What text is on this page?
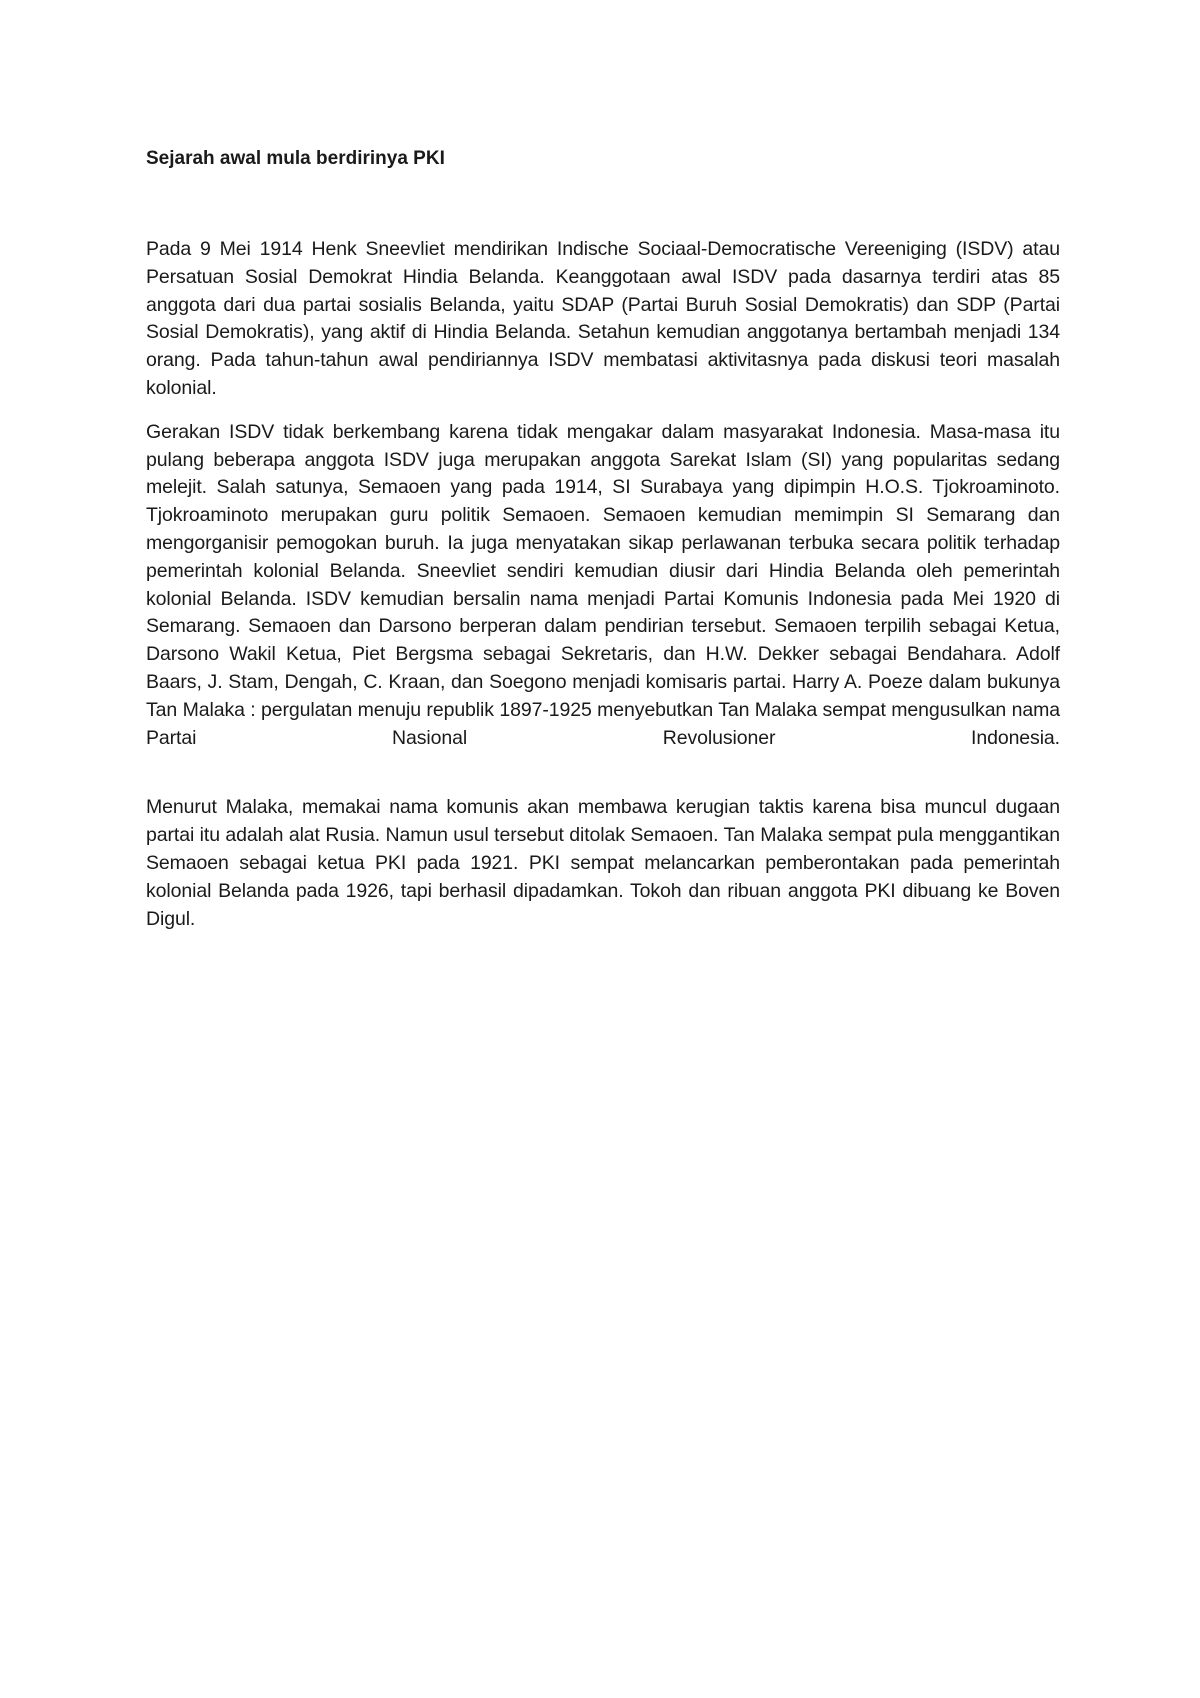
Sejarah awal mula berdirinya PKI

Pada 9 Mei 1914 Henk Sneevliet mendirikan Indische Sociaal-Democratische Vereeniging (ISDV) atau Persatuan Sosial Demokrat Hindia Belanda. Keanggotaan awal ISDV pada dasarnya terdiri atas 85 anggota dari dua partai sosialis Belanda, yaitu SDAP (Partai Buruh Sosial Demokratis) dan SDP (Partai Sosial Demokratis), yang aktif di Hindia Belanda. Setahun kemudian anggotanya bertambah menjadi 134 orang. Pada tahun-tahun awal pendiriannya ISDV membatasi aktivitasnya pada diskusi teori masalah kolonial.

Gerakan ISDV tidak berkembang karena tidak mengakar dalam masyarakat Indonesia. Masa-masa itu pulang beberapa anggota ISDV juga merupakan anggota Sarekat Islam (SI) yang popularitas sedang melejit. Salah satunya, Semaoen yang pada 1914, SI Surabaya yang dipimpin H.O.S. Tjokroaminoto. Tjokroaminoto merupakan guru politik Semaoen. Semaoen kemudian memimpin SI Semarang dan mengorganisir pemogokan buruh. Ia juga menyatakan sikap perlawanan terbuka secara politik terhadap pemerintah kolonial Belanda. Sneevliet sendiri kemudian diusir dari Hindia Belanda oleh pemerintah kolonial Belanda. ISDV kemudian bersalin nama menjadi Partai Komunis Indonesia pada Mei 1920 di Semarang. Semaoen dan Darsono berperan dalam pendirian tersebut. Semaoen terpilih sebagai Ketua, Darsono Wakil Ketua, Piet Bergsma sebagai Sekretaris, dan H.W. Dekker sebagai Bendahara. Adolf Baars, J. Stam, Dengah, C. Kraan, dan Soegono menjadi komisaris partai. Harry A. Poeze dalam bukunya Tan Malaka : pergulatan menuju republik 1897-1925 menyebutkan Tan Malaka sempat mengusulkan nama Partai Nasional Revolusioner Indonesia.

Menurut Malaka, memakai nama komunis akan membawa kerugian taktis karena bisa muncul dugaan partai itu adalah alat Rusia. Namun usul tersebut ditolak Semaoen. Tan Malaka sempat pula menggantikan Semaoen sebagai ketua PKI pada 1921. PKI sempat melancarkan pemberontakan pada pemerintah kolonial Belanda pada 1926, tapi berhasil dipadamkan. Tokoh dan ribuan anggota PKI dibuang ke Boven Digul.
